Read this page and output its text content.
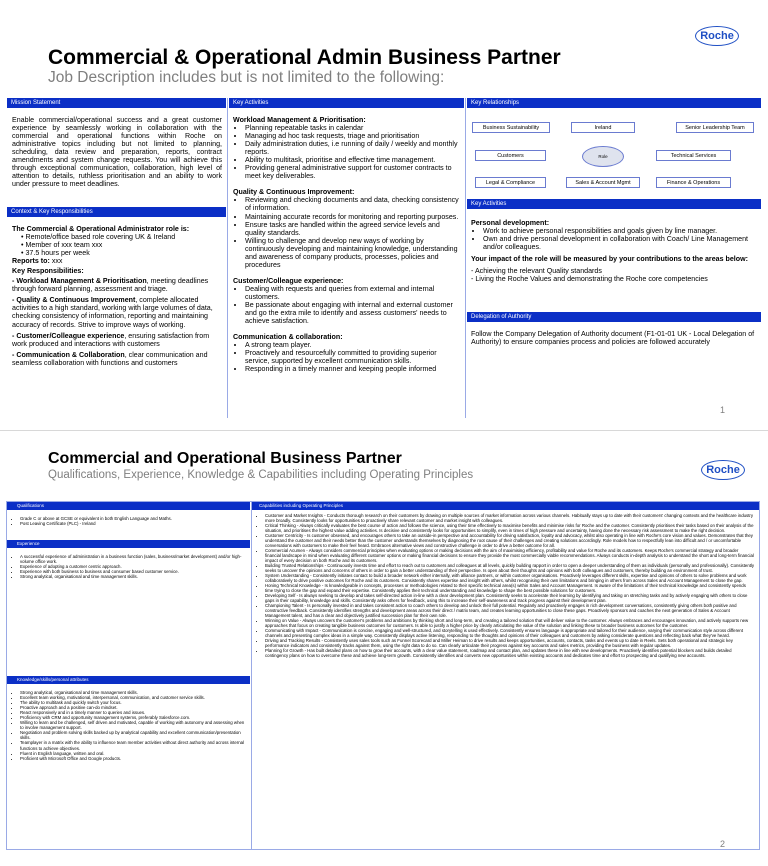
Roche
Commercial & Operational Admin Business Partner
Job Description includes but is not limited to the following:
Mission Statement
Enable commercial/operational success and a great customer experience by seamlessly working in collaboration with the commercial and operational functions within Roche on administrative topics including but not limited to planning, scheduling, data review and preparation, reports, contract amendments and system change requests. You will achieve this through exceptional communication, collaboration, high level of attention to details, ruthless prioritisation and an ability to work under pressure to meet deadlines.
Context & Key Responsibilities

The Commercial & Operational Administrator role is:

• Remote/office based role covering UK & Ireland
• Member of xxx team xxx
• 37.5 hours per week

Reports to: xxx

Key Responsibilities:

- Workload Management & Prioritisation, meeting deadlines through forward planning, assessment and triage.

- Quality & Continuous Improvement, complete allocated activities to a high standard, working with large volumes of data, checking consistency of information, reporting and maintaining accuracy of records. Strive to improve ways of working.

- Customer/Colleague experience, ensuring satisfaction from work produced and interactions with customers

- Communication & Collaboration, clear communication and seamless collaboration with functions and customers

Key Activities

Workload Management & Prioritisation:

• Planning repeatable tasks in calendar
• Managing ad hoc task requests, triage and prioritisation
• Daily administration duties, i.e running of daily / weekly and monthly reports.
• Ability to multitask, prioritise and effective time management.
• Providing general administrative support for customer contracts to meet key deliverables.

Quality & Continuous Improvement:

• Reviewing and checking documents and data, checking consistency of information.
• Maintaining accurate records for monitoring and reporting purposes.
• Ensure tasks are handled within the agreed service levels and quality standards.
• Willing to challenge and develop new ways of working by continuously developing and maintaining knowledge, understanding and awareness of company products, processes, policies and procedures

Customer/Colleague experience:

• Dealing with requests and queries from external and internal customers.
• Be passionate about engaging with internal and external customer and go the extra mile to identify and assess customers' needs to achieve satisfaction.

Communication & collaboration:

• A strong team player.
• Proactively and resourcefully committed to providing superior service, supported by excellent communication skills.
• Responding in a timely manner and keeping people informed
Key Relationships
Business Sustainability	Ireland	Senior Leadership Team
Customers	Role	Technical Services
Legal & Compliance	Sales & Account Mgmt	Finance & Operations
Key Activities

Personal development:

• Work to achieve personal responsibilities and goals given by line manager.
• Own and drive personal development in collaboration with Coach/ Line Management and/or colleagues.

Your impact of the role will be measured by your contributions to the areas below:

- Achieving the relevant Quality standards

- Living the Roche Values and demonstrating the Roche core competencies

Delegation of Authority
Follow the Company Delegation of Authority document (F1-01-01 UK - Local Delegation of Authority) to ensure companies process and policies are followed accurately
1
Roche
Commercial and Operational Business Partner
Qualifications, Experience, Knowledge & Capabilities including Operating Principles
Qualifications
• Grade C or above at GCSE or equivalent in both English Language and Maths.
• Post Leaving Certificate (PLC) - Ireland
Experience
• A successful experience of administration in a business function (sales, business/market development) and/or high-volume office work.
• Experience of adopting a customer centric approach.
• Experience with both business to business and consumer based customer service.
• Strong analytical, organisational and time management skills.
Knowledge/skills/personal attributes
• Strong analytical, organisational and time management skills.
• Excellent team working, motivational, interpersonal, communication, and customer service skills.
• The ability to multitask and quickly switch your focus.
• Proactive approach and a positive can-do mindset.
• React responsively and in a timely manner to queries and issues.
• Proficiency with CRM and opportunity management systems, preferably Salesforce.com.
• Willing to learn and be challenged, self driven and motivated, capable of working with autonomy and assessing when to involve management support.
• Negotiation and problem solving skills backed up by analytical capability and excellent communication/presentation skills.
• Teamplayer in a matrix with the ability to influence team member activities without direct authority and across internal functions to achieve objectives.
• Fluent in English language, written and oral.
• Proficient with Microsoft Office and Google products.
Capabilities including Operating Principles
• Customer and Market Insights - Conducts thorough research on their customers by drawing on multiple sources of market information across various channels. Habitually stays up to date with their customers' changing contexts and the healthcare industry more broadly. Consistently looks for opportunities to proactively share relevant customer and market insight with colleagues.
• Critical Thinking - Always critically evaluates the best course of action and follows the science, using their time effectively to maximise benefits and minimise risks for Roche and the customer. Consistently prioritises their tasks based on their analysis of the situation, and prioritises the highest value adding activities. Is decisive and consistently looks for opportunities to simplify, even in times of high pressure and uncertainty, having done the necessary risk assessment to make the right decision.
• Customer Centricity - Is customer obsessed, and encourages others to take an outside-in perspective and accountability for driving satisfaction, loyalty and advocacy, whilst also operating in line with Roche's core vision and values. Demonstrates that they understand the customer and their needs better than the customer understands themselves by diagnosing the root cause of their challenges and creating solutions accordingly. Role models how to respectfully lean into difficult and / or uncomfortable conversations with customers to make their feel heard. Embraces alternative views and constructive challenge in order to drive a better outcome for all.
• Commercial Acumen - Always considers commercial principles when evaluating options or making decisions with the aim of maximising efficiency, profitability and value for Roche and its customers. Keeps Roche's commercial strategy and broader financial landscape in mind when evaluating different customer options or making financial decisions to ensure they provide the most commercially viable recommendations. Always conducts in-depth analysis to understand the short and long-term financial impact of every decision on both Roche and its customers.
• Building Trusted Relationships - Continuously invests time and effort to reach out to customers and colleagues at all levels, quickly building rapport in order to open a deeper understanding of them as individuals (personally and professionally). Consistently seeks to uncover the opinions and concerns of others in order to gain a better understanding of their perspective. Is open about their thoughts and opinions with both colleagues and customers, thereby building an environment of trust.
• System Understanding - Consistently initiates contact to build a broader network either internally, with alliance partners, or within customer organisations. Proactively leverages different skills, expertise and opinions of others to solve problems and work collaboratively to drive positive outcomes for Roche and its customers. Consistently shares expertise and insight with others, whilst recognising their own limitations and bringing in others from across Sales and Account Management to close the gap.
• Honing Technical Knowledge - Is knowledgeable in concepts, processes or methodologies related to their specific technical area(s) within Sales and Account Management. Is aware of the limitations of their technical knowledge and consistently spends time trying to close the gap and expand their expertise. Consistently applies their technical understanding and knowledge to shape the best possible solutions for customers.
• Developing Self - Is always seeking to develop and takes self-directed action in-line with a clear development plan. Consistently seeks to accelerate their learning by identifying and taking on stretching tasks and by actively engaging with others to close gaps in their capability, knowledge and skills. Consistently asks others for feedback, using this to increase their self-awareness and track progress against their development plan.
• Championing Talent - Is personally invested in and takes consistent action to coach others to develop and unlock their full potential. Regularly and proactively engages in rich development conversations, consistently giving others both positive and constructive feedback. Consistently identifies strengths and development areas across their direct / matrix team, and creates learning opportunities to close these gaps. Proactively sponsors and coaches the next generation of Sales & Account Management talent, and has a clear and objectively justified succession plan for their own role.
• Winning on Value - Always uncovers the customer's problems and ambitions by thinking short and long-term, and creating a tailored solution that will deliver value to the customer. Always embraces and encourages innovation, and actively supports new approaches that focus on creating tangible business outcomes for customers. Is able to justify a higher price by clearly articulating the value of the solution and linking these to broader business outcomes for the customer.
• Communicating with Impact - Communication is concise, engaging and well-structured, and storytelling is used effectively. Consistently ensures language is appropriate and tailored for their audience, varying their communication style across different channels and presenting complex ideas in a simple way. Consistently displays active listening, responding to the thoughts and opinions of their colleagues and customers by asking considerate questions and reflecting back what they've heard.
• Driving and Tracking Results - Consistently uses sales tools such as Funnel Scorecard and Miller Heiman to drive results and keeps opportunities, accounts, contacts, tasks and events up to date in Reels. Sets both operational and strategic key performance indicators and consistently tracks against them, using the right data to do so. Can clearly articulate their progress against key accounts and sales metrics, providing the business with regular updates.
• Planning for Growth - Has built detailed plans on how to grow their accounts, with a clear value statement, roadmap and contact plan, and updates these in line with new developments. Proactively identifies potential blockers and builds detailed contingency plans on how to overcome these and achieve long-term growth. Consistently identifies and converts new opportunities within existing accounts and dedicates time and effort to prospecting and qualifying new accounts.
2
